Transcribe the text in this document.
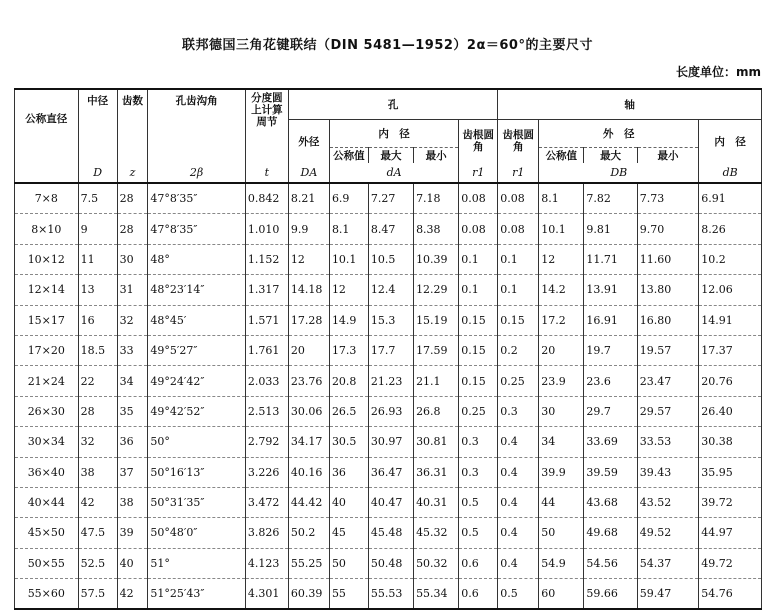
联邦德国三角花键联结（DIN 5481—1952）2α＝60°的主要尺寸
长度单位：mm
公称直径	中径	齿数	孔齿沟角	分度圆上计算周节	孔					轴				
					外径	内　径			齿根圆角	齿根圆角	外　径			内　径
						公称值	最大	最小			公称值	最大	最小	
	D	z	2β	t	DA	dA			r1	r1	DB			dB
7×8	7.5	28	47°8′35″	0.842	8.21	6.9	7.27	7.18	0.08	0.08	8.1	7.82	7.73	6.91
8×10	9	28	47°8′35″	1.010	9.9	8.1	8.47	8.38	0.08	0.08	10.1	9.81	9.70	8.26
10×12	11	30	48°	1.152	12	10.1	10.5	10.39	0.1	0.1	12	11.71	11.60	10.2
12×14	13	31	48°23′14″	1.317	14.18	12	12.4	12.29	0.1	0.1	14.2	13.91	13.80	12.06
15×17	16	32	48°45′	1.571	17.28	14.9	15.3	15.19	0.15	0.15	17.2	16.91	16.80	14.91
17×20	18.5	33	49°5′27″	1.761	20	17.3	17.7	17.59	0.15	0.2	20	19.7	19.57	17.37
21×24	22	34	49°24′42″	2.033	23.76	20.8	21.23	21.1	0.15	0.25	23.9	23.6	23.47	20.76
26×30	28	35	49°42′52″	2.513	30.06	26.5	26.93	26.8	0.25	0.3	30	29.7	29.57	26.40
30×34	32	36	50°	2.792	34.17	30.5	30.97	30.81	0.3	0.4	34	33.69	33.53	30.38
36×40	38	37	50°16′13″	3.226	40.16	36	36.47	36.31	0.3	0.4	39.9	39.59	39.43	35.95
40×44	42	38	50°31′35″	3.472	44.42	40	40.47	40.31	0.5	0.4	44	43.68	43.52	39.72
45×50	47.5	39	50°48′0″	3.826	50.2	45	45.48	45.32	0.5	0.4	50	49.68	49.52	44.97
50×55	52.5	40	51°	4.123	55.25	50	50.48	50.32	0.6	0.4	54.9	54.56	54.37	49.72
55×60	57.5	42	51°25′43″	4.301	60.39	55	55.53	55.34	0.6	0.5	60	59.66	59.47	54.76
